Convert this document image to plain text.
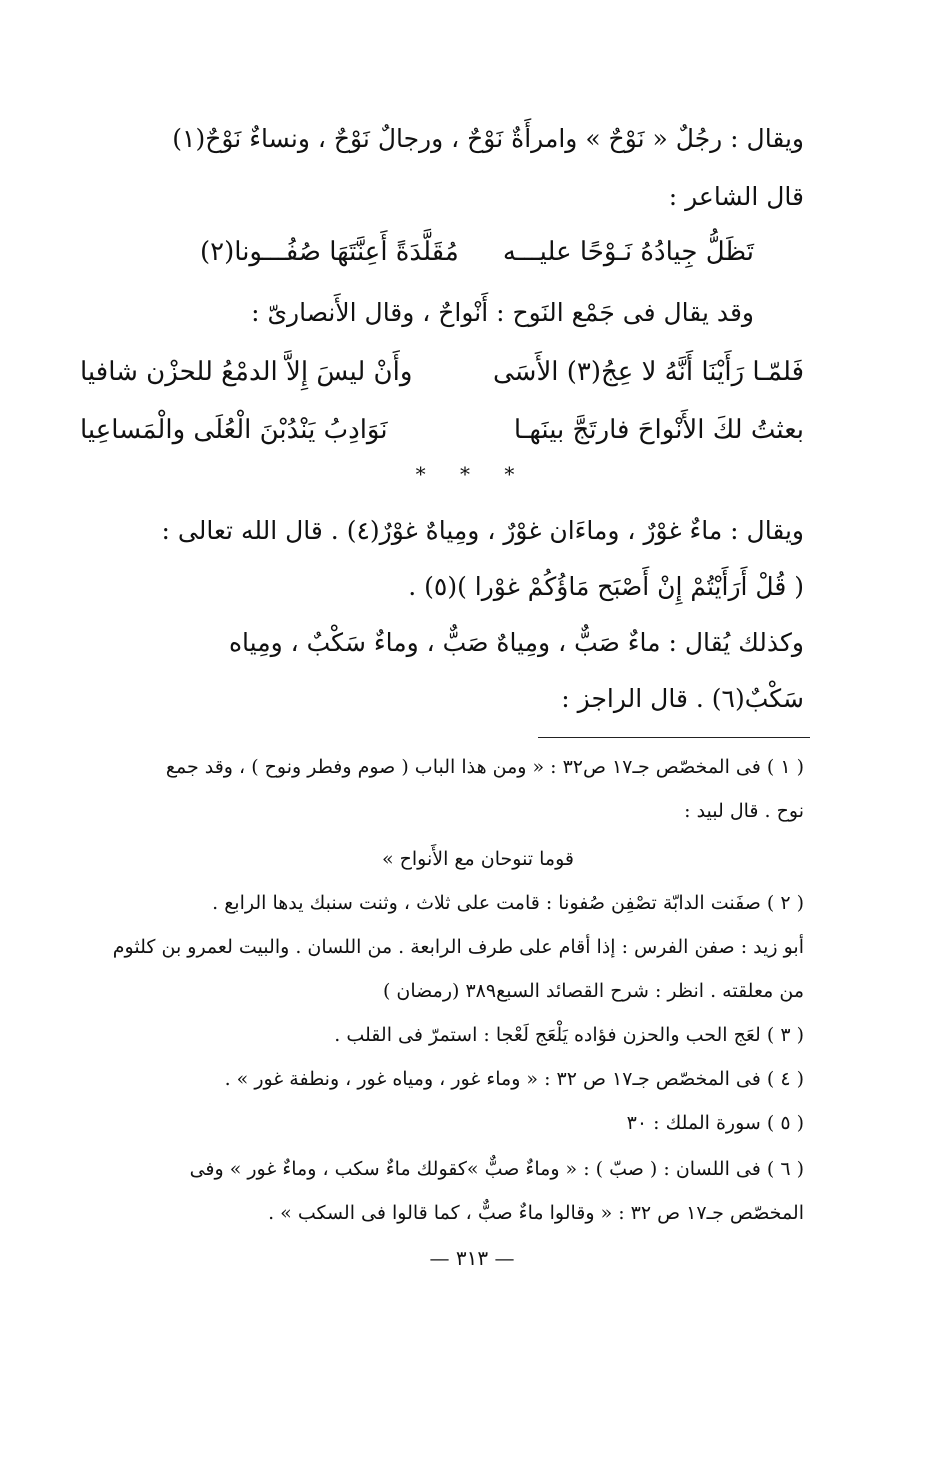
ويقال : رجُلٌ « نَوْحٌ » وامرأَةٌ نَوْحٌ ، ورجالٌ نَوْحٌ ، ونساءٌ نَوْحٌ(١)
قال الشاعر :
تَظَلُّ جِيادُهُ نَـوْحًا عليـــه
مُقَلَّدَةً أَعِنَّتَهَا صُفُـــونا(٢)
وقد يقال فى جَمْع النَوح : أَنْواحٌ ، وقال الأَنصارىّ :
فَلمّـا رَأَيْنَا أَنَّهُ لا عِجُ(٣) الأَسَى
وأَنْ ليسَ إِلاَّ الدمْعُ للحزْن شافيا
بعثتُ لكَ الأَنْواحَ فارتَجَّ بينَهـا
نَوَادِبُ يَنْدُبْنَ الْعُلَى والْمَساعِيا
* * *
ويقال : ماءٌ غوْرٌ ، وماءَان غوْرٌ ، ومِياهٌ غوْرٌ(٤) . قال الله تعالى :
( قُلْ أَرَأَيْتُمْ إِنْ أَصْبَح مَاؤُكُمْ غوْرا )(٥) .
وكذلك يُقال : ماءٌ صَبٌّ ، ومِياهٌ صَبٌّ ، وماءٌ سَكْبٌ ، ومِياه
سَكْبٌ(٦) . قال الراجز :
( ١ ) فى المخصّص جـ١٧ ص٣٢ : « ومن هذا الباب ( صوم وفطر ونوح ) ، وقد جمع
نوح . قال لبيد :
قوما تنوحان مع الأَنواح »
( ٢ ) صفَنت الدابّة تصْفِن صُفونا : قامت على ثلاث ، وثنت سنبك يدها الرابع .
أبو زيد : صفن الفرس : إذا أقام على طرف الرابعة . من اللسان . والبيت لعمرو بن كلثوم
من معلقته . انظر : شرح القصائد السبع٣٨٩ (رمضان )
( ٣ ) لعَج الحب والحزن فؤاده يَلْعَج لَعْجا : استمرّ فى القلب .
( ٤ ) فى المخصّص جـ١٧ ص ٣٢ : « وماء غور ، ومياه غور ، ونطفة غور » .
( ٥ ) سورة الملك : ٣٠
( ٦ ) فى اللسان : ( صبّ ) : « وماءٌ صبٌّ »كقولك ماءٌ سكب ، وماءٌ غور » وفى
المخصّص جـ١٧ ص ٣٢ : « وقالوا ماءٌ صبٌّ ، كما قالوا فى السكب » .
— ٣١٣ —
